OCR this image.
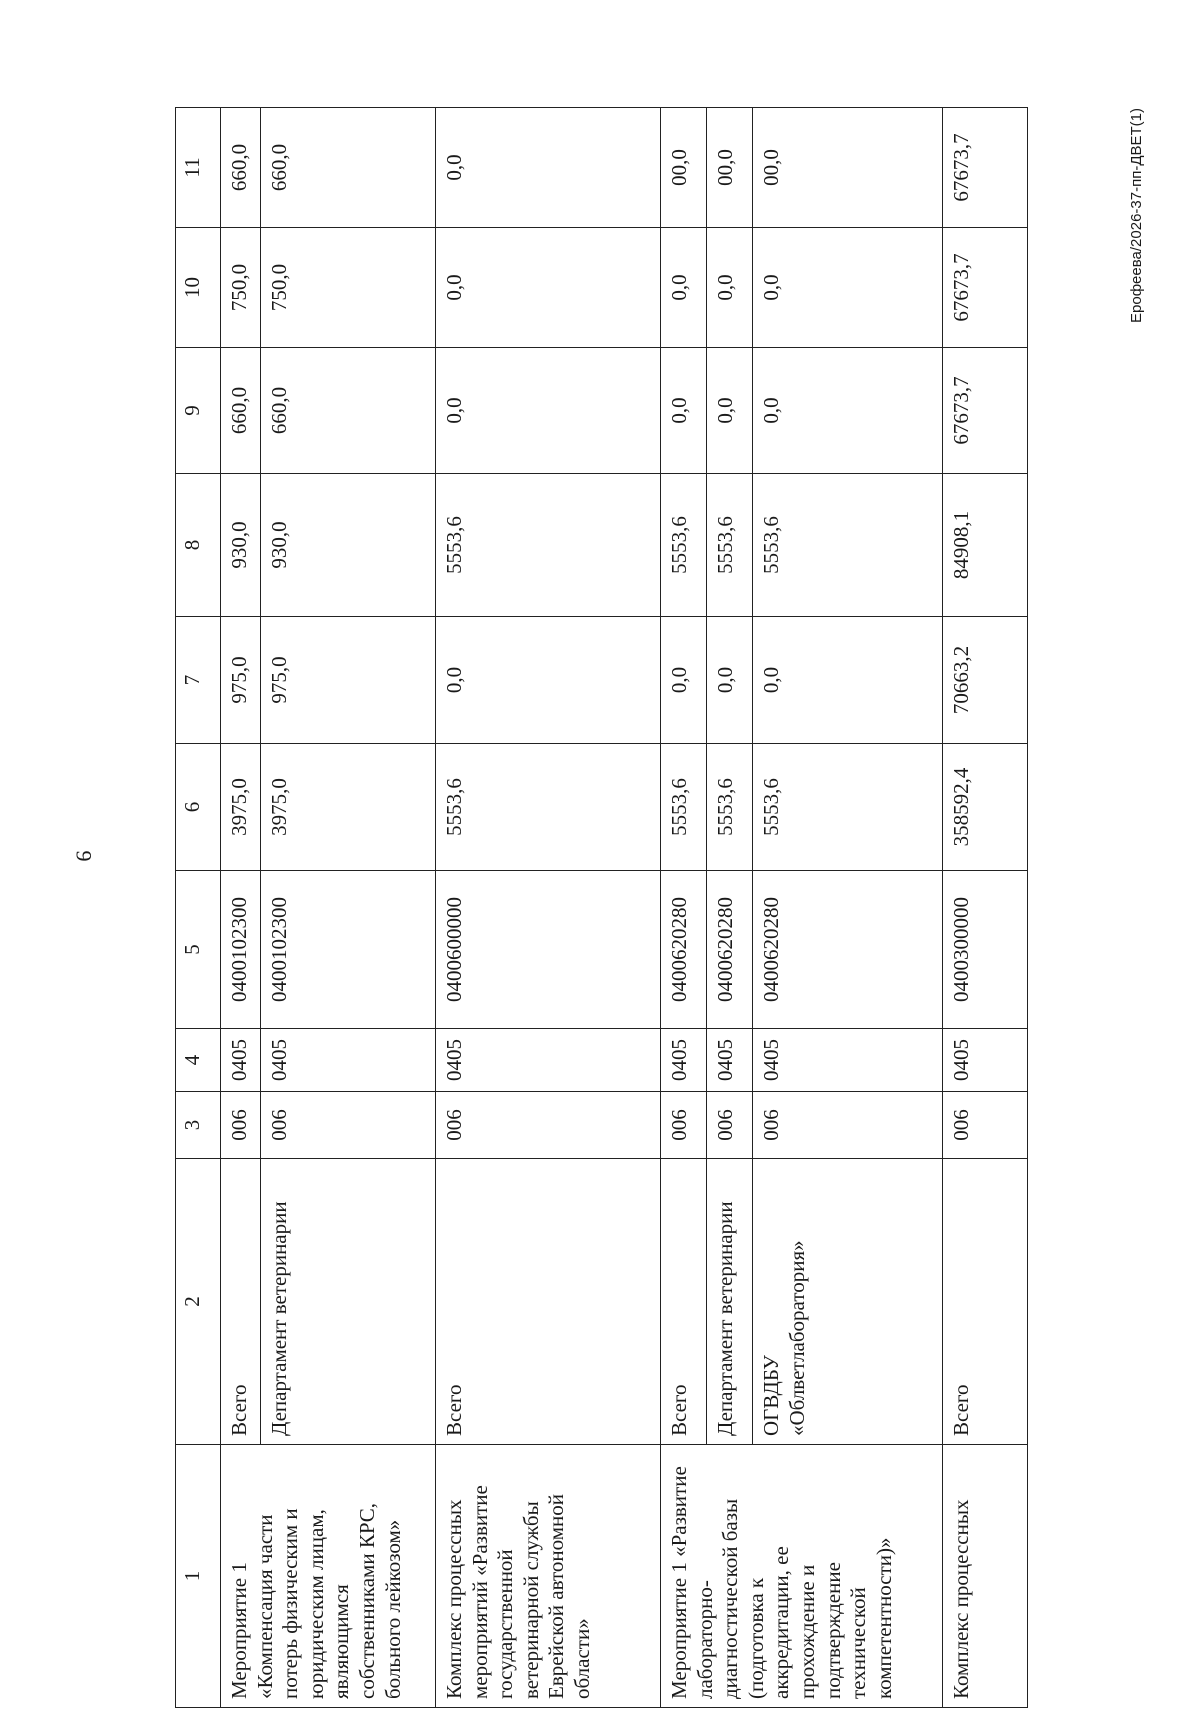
9
1	2	3	4	5	6	7	8	9	10	11
Мероприятие 1 «Компенсация части потерь физическим и юридическим лицам, являющимся собственниками КРС, больного лейкозом»	Всего	006	0405	0400102300	3975,0	975,0	930,0	660,0	750,0	660,0
	Департамент ветеринарии	006	0405	0400102300	3975,0	975,0	930,0	660,0	750,0	660,0
Комплекс процессных мероприятий «Развитие государственной ветеринарной службы Еврейской автономной области»	Всего	006	0405	0400600000	5553,6	0,0	5553,6	0,0	0,0	0,0
Мероприятие 1 «Развитие лабораторно-диагностической базы (подготовка к аккредитации, ее прохождение и подтверждение технической компетентности)»	Всего	006	0405	0400620280	5553,6	0,0	5553,6	0,0	0,0	00,0
	Департамент ветеринарии	006	0405	0400620280	5553,6	0,0	5553,6	0,0	0,0	00,0
	ОГВДБУ «Облветлаборатория»	006	0405	0400620280	5553,6	0,0	5553,6	0,0	0,0	00,0
Комплекс процессных	Всего	006	0405	0400300000	358592,4	70663,2	84908,1	67673,7	67673,7	67673,7	Ерофеева/2026-37-пп-ДВЕТ(1)
